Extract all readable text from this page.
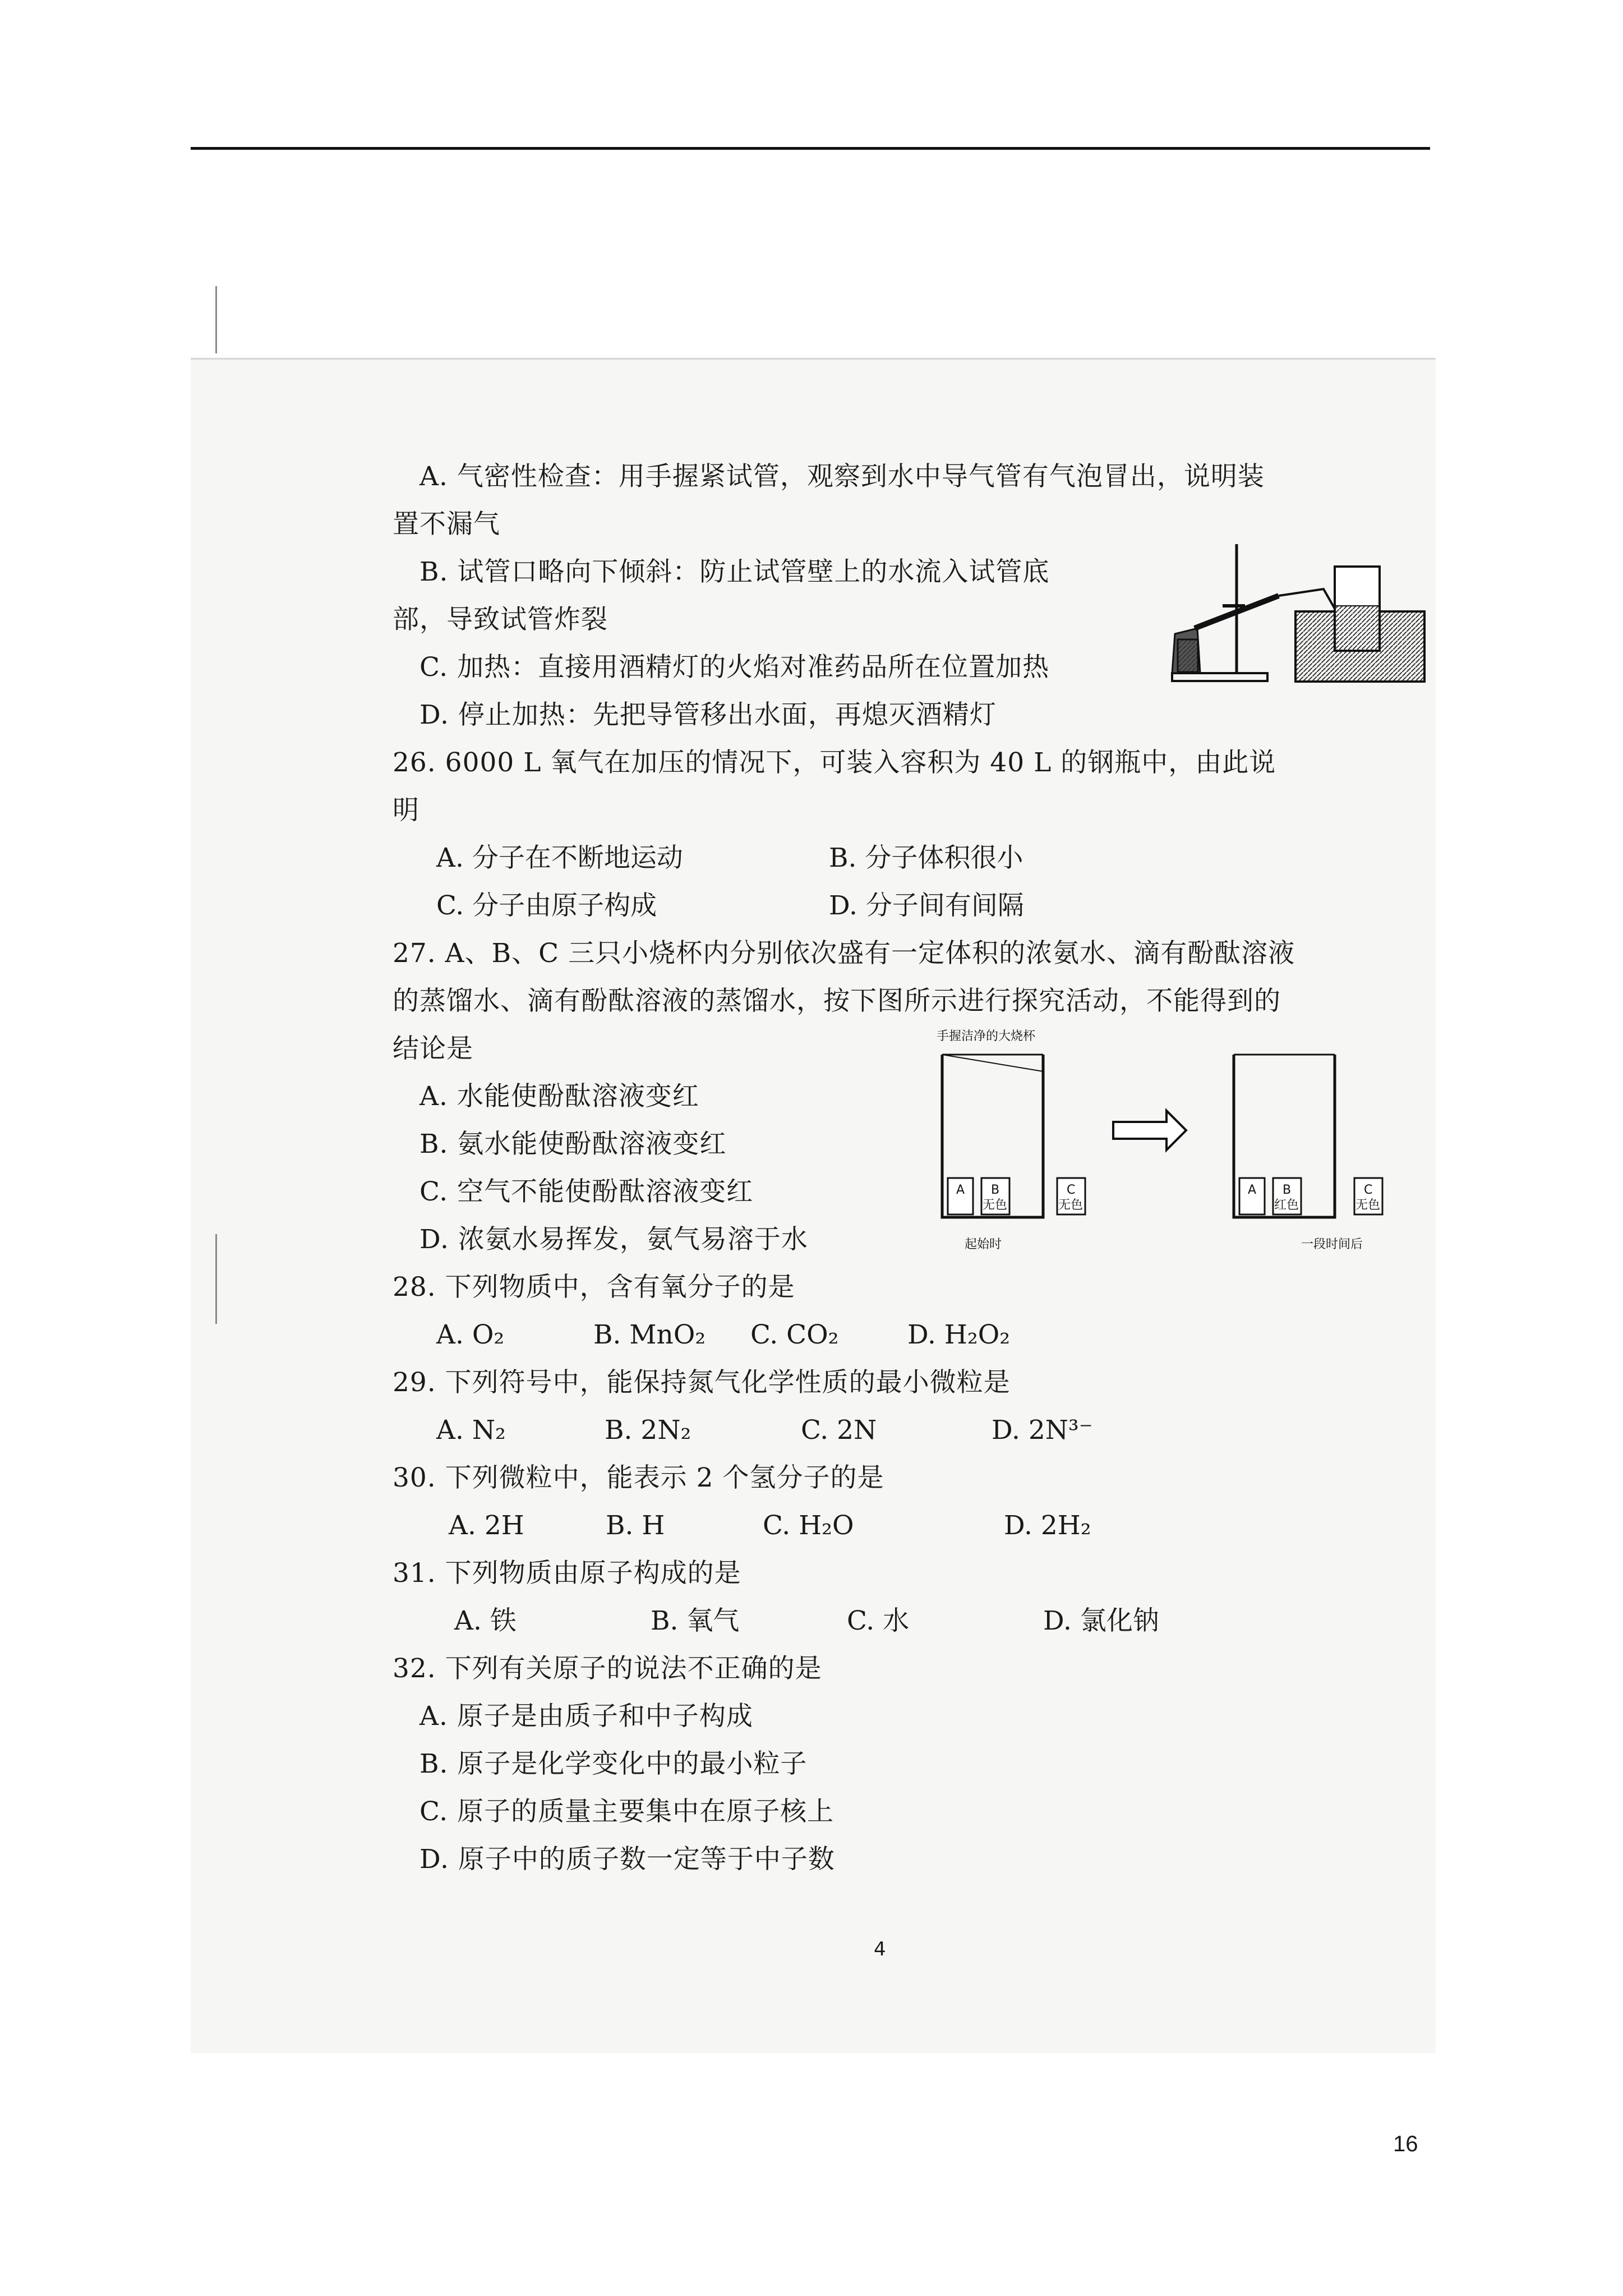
A. 气密性检查：用手握紧试管，观察到水中导气管有气泡冒出，说明装
置不漏气
B. 试管口略向下倾斜：防止试管壁上的水流入试管底
部，导致试管炸裂
C. 加热：直接用酒精灯的火焰对准药品所在位置加热
D. 停止加热：先把导管移出水面，再熄灭酒精灯
26. 6000 L 氧气在加压的情况下，可装入容积为 40 L 的钢瓶中，由此说
明
A. 分子在不断地运动	B. 分子体积很小
C. 分子由原子构成	D. 分子间有间隔
27. A、B、C 三只小烧杯内分别依次盛有一定体积的浓氨水、滴有酚酞溶液
的蒸馏水、滴有酚酞溶液的蒸馏水，按下图所示进行探究活动，不能得到的
结论是
A. 水能使酚酞溶液变红
B. 氨水能使酚酞溶液变红
C. 空气不能使酚酞溶液变红
D. 浓氨水易挥发，氨气易溶于水
手握洁净的大烧杯
A B
无色
C
无色
起始时
A B
红色
C
无色
一段时间后
28. 下列物质中，含有氧分子的是
A. O₂	B. MnO₂ C. CO₂	D. H₂O₂
29. 下列符号中，能保持氮气化学性质的最小微粒是
A. N₂	B. 2N₂	C. 2N	D. 2N³⁻
30. 下列微粒中，能表示 2 个氢分子的是
A. 2H	B. H	C. H₂O	D. 2H₂
31. 下列物质由原子构成的是
A. 铁	B. 氧气	C. 水	D. 氯化钠
32. 下列有关原子的说法不正确的是
A. 原子是由质子和中子构成
B. 原子是化学变化中的最小粒子
C. 原子的质量主要集中在原子核上
D. 原子中的质子数一定等于中子数
4
16
